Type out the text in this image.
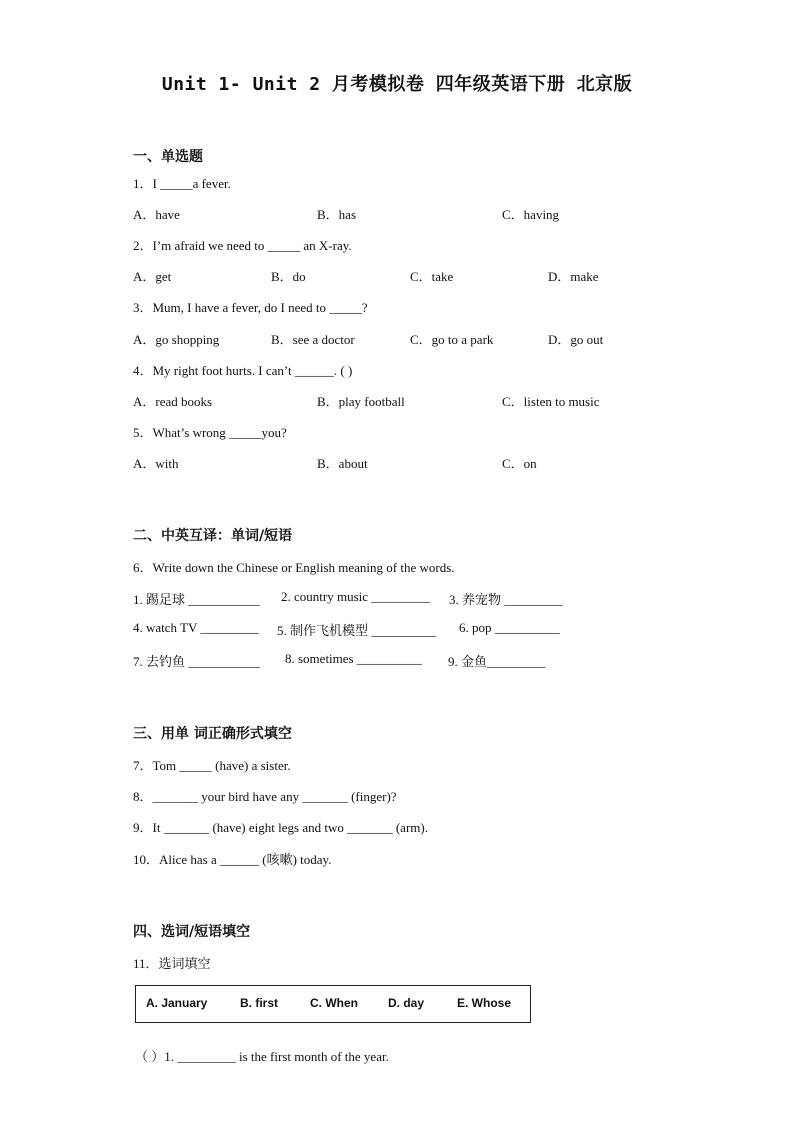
Unit 1- Unit 2 月考模拟卷 四年级英语下册 北京版
一、单选题
1．I _____a fever.
A．have	B．has	C．having
2．I’m afraid we need to _____ an X-ray.
A．get	B．do	C．take	D．make
3．Mum, I have a fever, do I need to _____?
A．go shopping	B．see a doctor	C．go to a park	D．go out
4．My right foot hurts. I can’t ______. ( )
A．read books	B．play football	C．listen to music
5．What’s wrong _____you?
A．with	B．about	C．on
二、中英互译：单词/短语
6．Write down the Chinese or English meaning of the words.
1. 踢足球 ___________ 2. country music _________ 3. 养宠物 _________
4. watch TV _________ 5. 制作飞机模型 __________ 6. pop __________
7. 去钓鱼 ___________ 8. sometimes __________ 9. 金鱼_________
三、用单 词正确形式填空
7．Tom _____ (have) a sister.
8．_______ your bird have any _______ (finger)?
9．It _______ (have) eight legs and two _______ (arm).
10．Alice has a ______ (咳嗽) today.
四、选词/短语填空
11．选词填空
A. January	B. first	C. When	D. day	E. Whose
（ ）1. _________ is the first month of the year.
